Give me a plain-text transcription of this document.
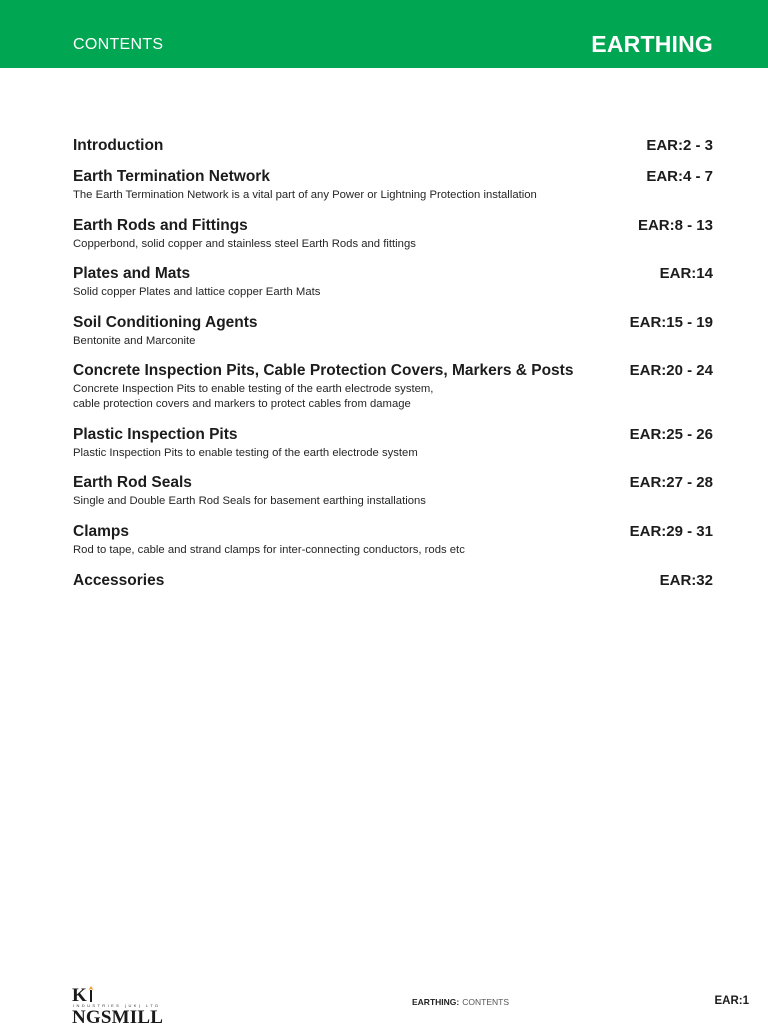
CONTENTS	EARTHING
Introduction	EAR:2 - 3
Earth Termination Network	EAR:4 - 7
The Earth Termination Network is a vital part of any Power or Lightning Protection installation
Earth Rods and Fittings	EAR:8 - 13
Copperbond, solid copper and stainless steel Earth Rods and fittings
Plates and Mats	EAR:14
Solid copper Plates and lattice copper Earth Mats
Soil Conditioning Agents	EAR:15 - 19
Bentonite and Marconite
Concrete Inspection Pits, Cable Protection Covers, Markers & Posts	EAR:20 - 24
Concrete Inspection Pits to enable testing of the earth electrode system,
cable protection covers and markers to protect cables from damage
Plastic Inspection Pits	EAR:25 - 26
Plastic Inspection Pits to enable testing of the earth electrode system
Earth Rod Seals	EAR:27 - 28
Single and Double Earth Rod Seals for basement earthing installations
Clamps	EAR:29 - 31
Rod to tape, cable and strand clamps for inter-connecting conductors, rods etc
Accessories	EAR:32
K
NGSMILL
INDUSTRIES (UK) LTD	EARTHING: CONTENTS	EAR:1
